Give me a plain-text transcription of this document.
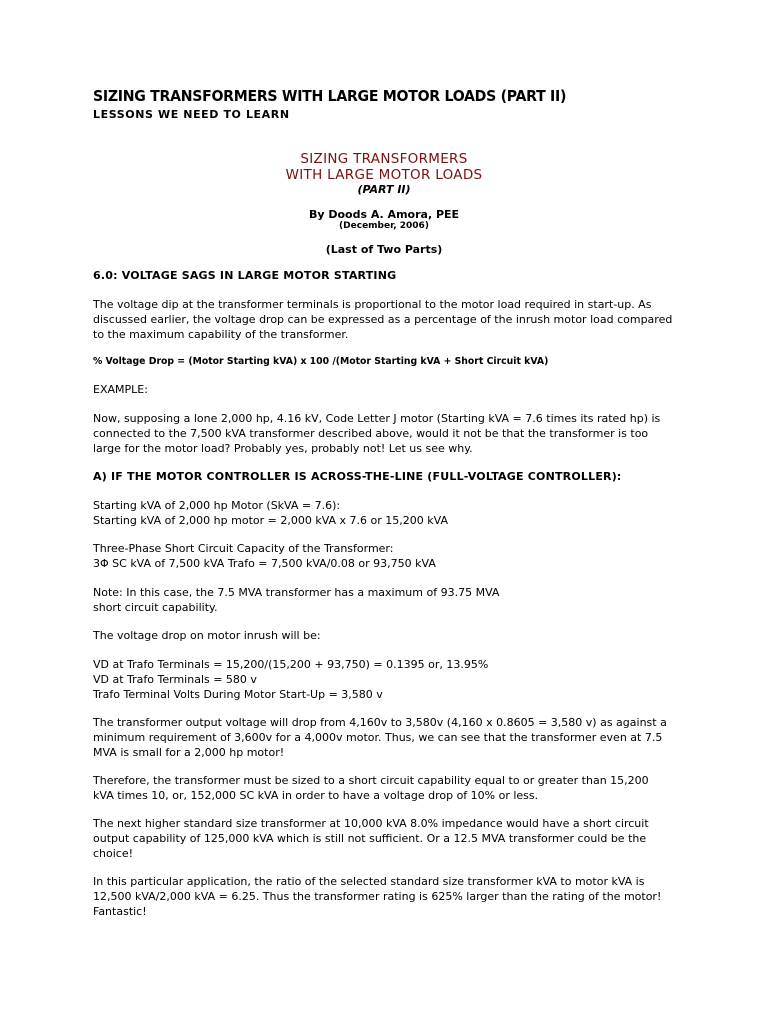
SIZING TRANSFORMERS WITH LARGE MOTOR LOADS (PART II)
LESSONS WE NEED TO LEARN
SIZING TRANSFORMERS
WITH LARGE MOTOR LOADS
(PART II)
By Doods A. Amora, PEE
(December, 2006)
(Last of Two Parts)
6.0: VOLTAGE SAGS IN LARGE MOTOR STARTING
The voltage dip at the transformer terminals is proportional to the motor load required in start-up. As
discussed earlier, the voltage drop can be expressed as a percentage of the inrush motor load compared
to the maximum capability of the transformer.
% Voltage Drop = (Motor Starting kVA) x 100 /(Motor Starting kVA + Short Circuit kVA)
EXAMPLE:
Now, supposing a lone 2,000 hp, 4.16 kV, Code Letter J motor (Starting kVA = 7.6 times its rated hp) is
connected to the 7,500 kVA transformer described above, would it not be that the transformer is too
large for the motor load? Probably yes, probably not! Let us see why.
A) IF THE MOTOR CONTROLLER IS ACROSS-THE-LINE (FULL-VOLTAGE CONTROLLER):
Starting kVA of 2,000 hp Motor (SkVA = 7.6):
Starting kVA of 2,000 hp motor = 2,000 kVA x 7.6 or 15,200 kVA
Three-Phase Short Circuit Capacity of the Transformer:
3Φ SC kVA of 7,500 kVA Trafo = 7,500 kVA/0.08 or 93,750 kVA
Note: In this case, the 7.5 MVA transformer has a maximum of 93.75 MVA
short circuit capability.
The voltage drop on motor inrush will be:
VD at Trafo Terminals = 15,200/(15,200 + 93,750) = 0.1395 or, 13.95%
VD at Trafo Terminals = 580 v
Trafo Terminal Volts During Motor Start-Up = 3,580 v
The transformer output voltage will drop from 4,160v to 3,580v (4,160 x 0.8605 = 3,580 v) as against a
minimum requirement of 3,600v for a 4,000v motor. Thus, we can see that the transformer even at 7.5
MVA is small for a 2,000 hp motor!
Therefore, the transformer must be sized to a short circuit capability equal to or greater than 15,200
kVA times 10, or, 152,000 SC kVA in order to have a voltage drop of 10% or less.
The next higher standard size transformer at 10,000 kVA 8.0% impedance would have a short circuit
output capability of 125,000 kVA which is still not sufficient. Or a 12.5 MVA transformer could be the
choice!
In this particular application, the ratio of the selected standard size transformer kVA to motor kVA is
12,500 kVA/2,000 kVA = 6.25. Thus the transformer rating is 625% larger than the rating of the motor!
Fantastic!
